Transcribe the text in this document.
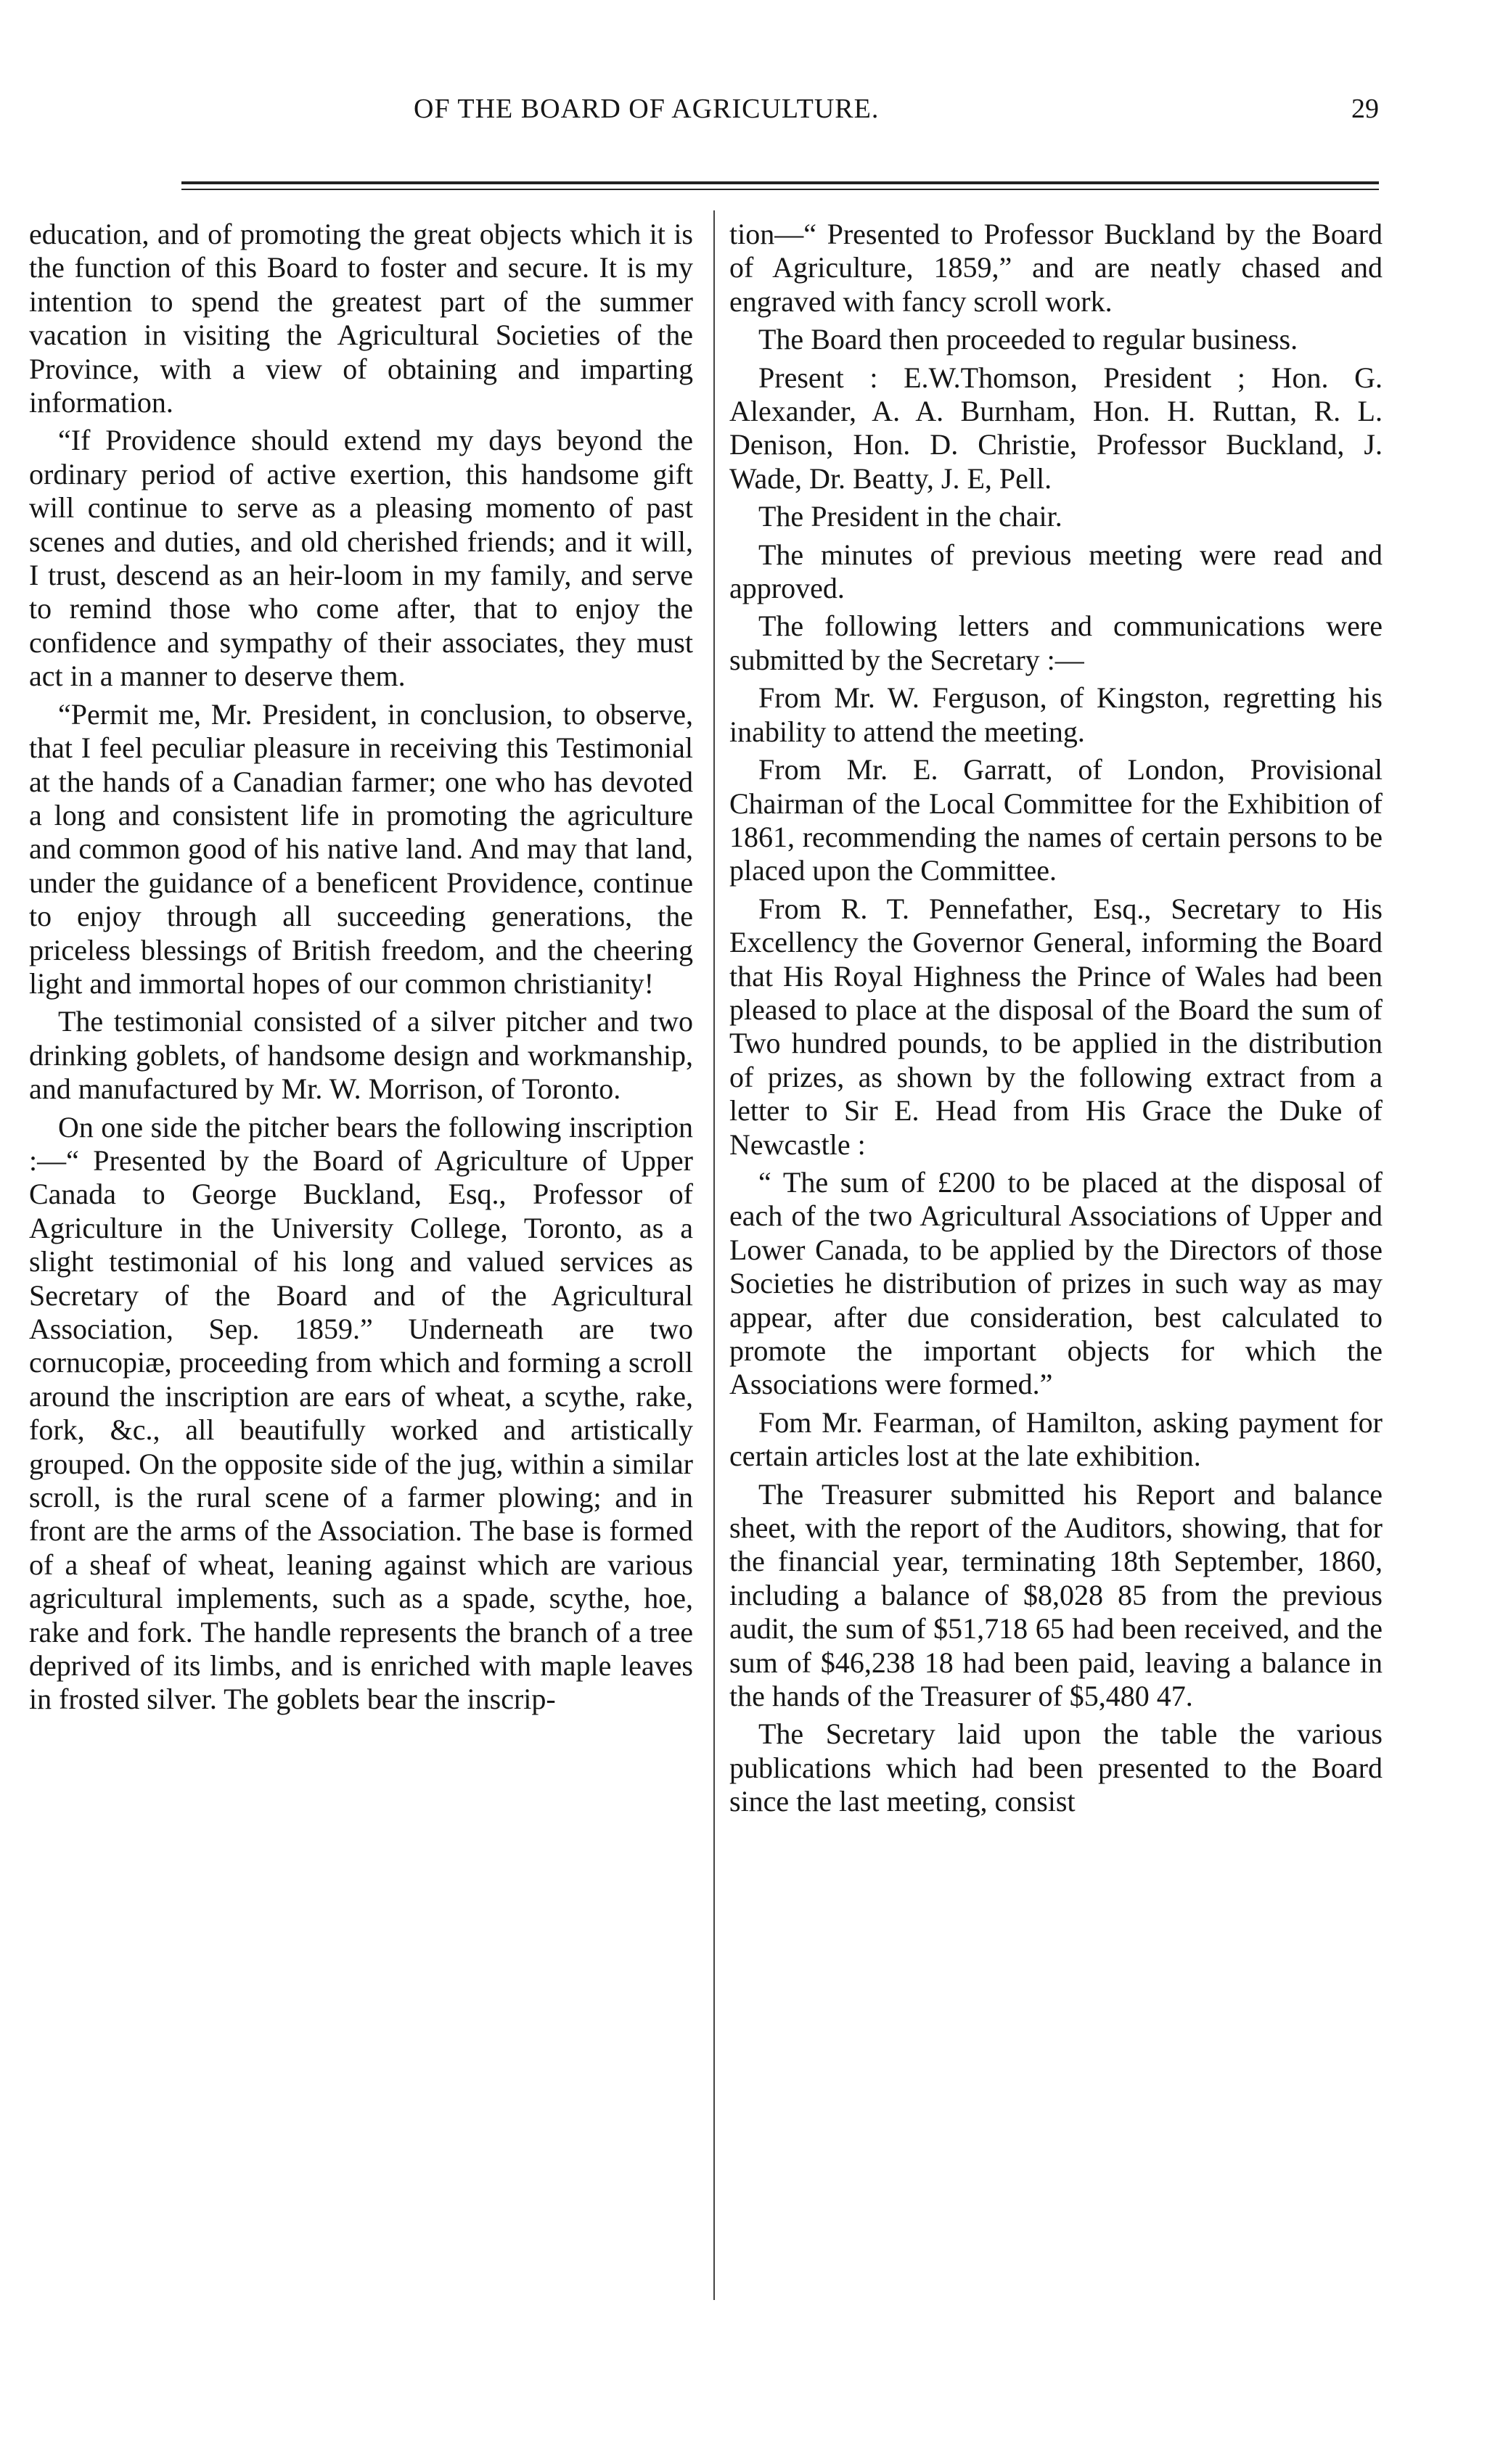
OF THE BOARD OF AGRICULTURE.	29

education, and of promoting the great objects which it is the function of this Board to foster and secure. It is my intention to spend the greatest part of the summer vacation in visiting the Agricultural Societies of the Province, with a view of obtaining and imparting information.

“If Providence should extend my days beyond the ordinary period of active exertion, this handsome gift will continue to serve as a pleasing momento of past scenes and duties, and old cherished friends; and it will, I trust, descend as an heir-loom in my family, and serve to remind those who come after, that to enjoy the confidence and sympathy of their associates, they must act in a manner to deserve them.

“Permit me, Mr. President, in conclusion, to observe, that I feel peculiar pleasure in receiving this Testimonial at the hands of a Canadian farmer; one who has devoted a long and consistent life in promoting the agriculture and common good of his native land. And may that land, under the guidance of a beneficent Providence, continue to enjoy through all succeeding generations, the priceless blessings of British freedom, and the cheering light and immortal hopes of our common christianity!

The testimonial consisted of a silver pitcher and two drinking goblets, of handsome design and workmanship, and manufactured by Mr. W. Morrison, of Toronto.

On one side the pitcher bears the following inscription :—“ Presented by the Board of Agriculture of Upper Canada to George Buckland, Esq., Professor of Agriculture in the University College, Toronto, as a slight testimonial of his long and valued services as Secretary of the Board and of the Agricultural Association, Sep. 1859.” Underneath are two cornucopiæ, proceeding from which and forming a scroll around the inscription are ears of wheat, a scythe, rake, fork, &c., all beautifully worked and artistically grouped. On the opposite side of the jug, within a similar scroll, is the rural scene of a farmer plowing; and in front are the arms of the Association. The base is formed of a sheaf of wheat, leaning against which are various agricultural implements, such as a spade, scythe, hoe, rake and fork. The handle represents the branch of a tree deprived of its limbs, and is enriched with maple leaves in frosted silver. The goblets bear the inscrip-

tion—“ Presented to Professor Buckland by the Board of Agriculture, 1859,” and are neatly chased and engraved with fancy scroll work.

The Board then proceeded to regular business.

Present : E.W.Thomson, President ; Hon. G. Alexander, A. A. Burnham, Hon. H. Ruttan, R. L. Denison, Hon. D. Christie, Professor Buckland, J. Wade, Dr. Beatty, J. E, Pell.

The President in the chair.

The minutes of previous meeting were read and approved.

The following letters and communications were submitted by the Secretary :—

From Mr. W. Ferguson, of Kingston, regretting his inability to attend the meeting.

From Mr. E. Garratt, of London, Provisional Chairman of the Local Committee for the Exhibition of 1861, recommending the names of certain persons to be placed upon the Committee.

From R. T. Pennefather, Esq., Secretary to His Excellency the Governor General, informing the Board that His Royal Highness the Prince of Wales had been pleased to place at the disposal of the Board the sum of Two hundred pounds, to be applied in the distribution of prizes, as shown by the following extract from a letter to Sir E. Head from His Grace the Duke of Newcastle :

“ The sum of £200 to be placed at the disposal of each of the two Agricultural Associations of Upper and Lower Canada, to be applied by the Directors of those Societies he distribution of prizes in such way as may appear, after due consideration, best calculated to promote the important objects for which the Associations were formed.”

Fom Mr. Fearman, of Hamilton, asking payment for certain articles lost at the late exhibition.

The Treasurer submitted his Report and balance sheet, with the report of the Auditors, showing, that for the financial year, terminating 18th September, 1860, including a balance of $8,028 85 from the previous audit, the sum of $51,718 65 had been received, and the sum of $46,238 18 had been paid, leaving a balance in the hands of the Treasurer of $5,480 47.

The Secretary laid upon the table the various publications which had been presented to the Board since the last meeting, consist
